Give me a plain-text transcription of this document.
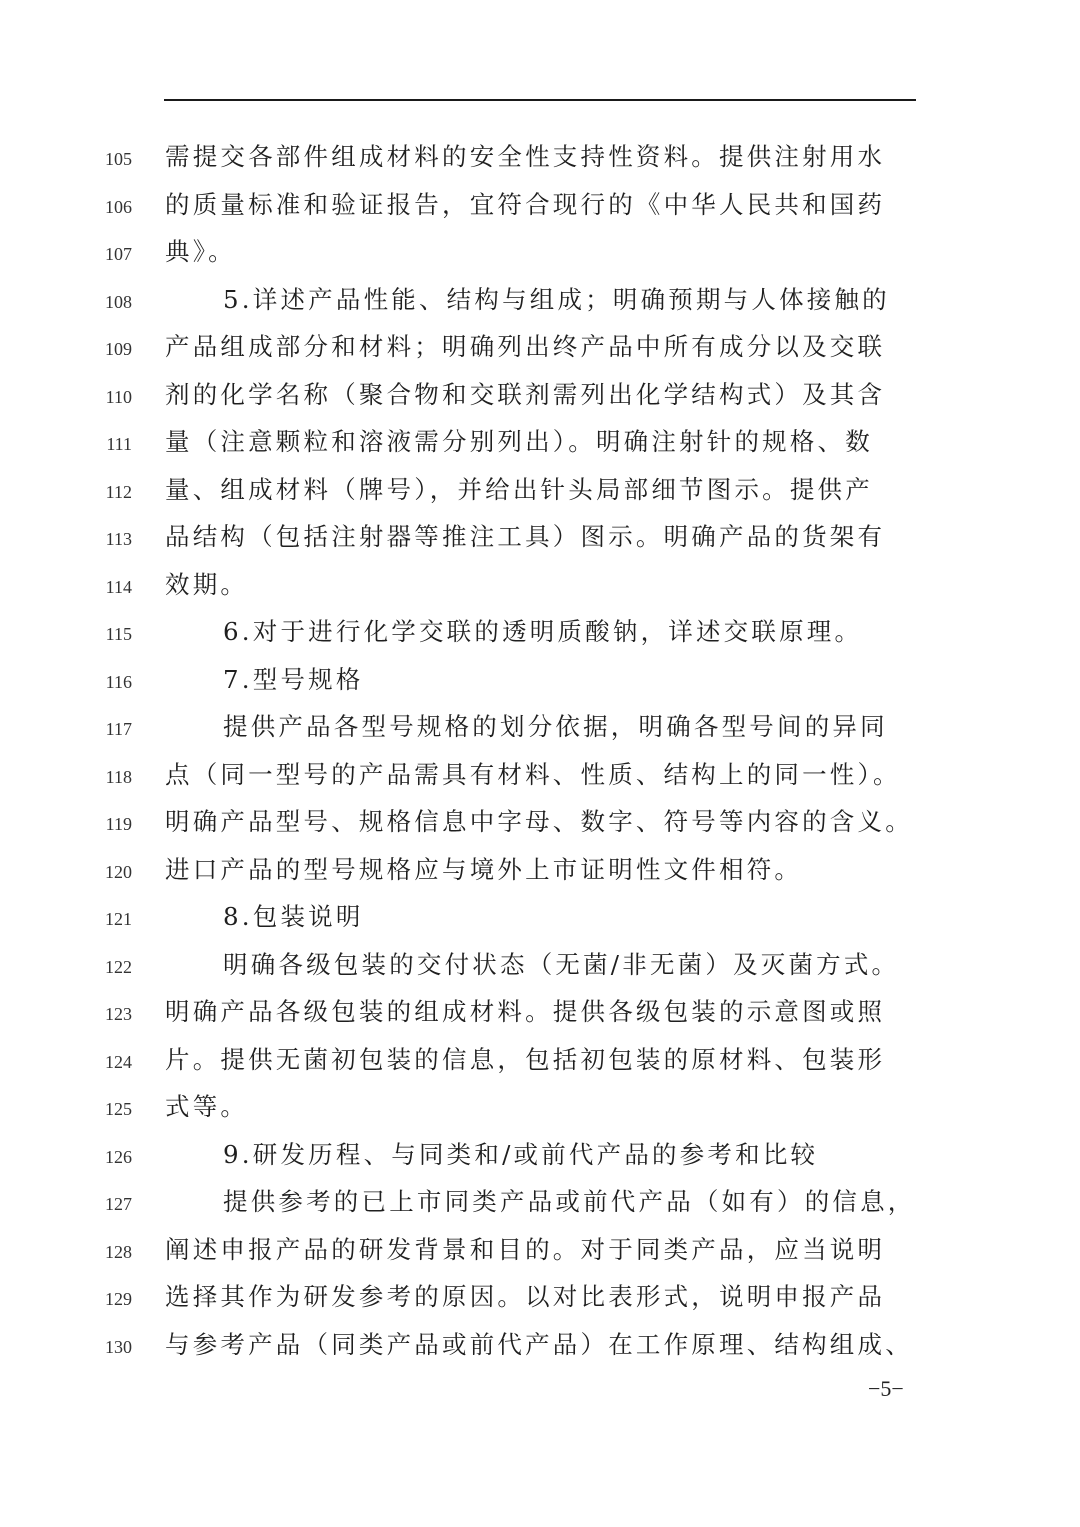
105 需提交各部件组成材料的安全性支持性资料。提供注射用水
106 的质量标准和验证报告，宜符合现行的《中华人民共和国药
107 典》。
108	5.详述产品性能、结构与组成；明确预期与人体接触的
109 产品组成部分和材料；明确列出终产品中所有成分以及交联
110 剂的化学名称（聚合物和交联剂需列出化学结构式）及其含
111 量（注意颗粒和溶液需分别列出）。明确注射针的规格、数
112 量、组成材料（牌号），并给出针头局部细节图示。提供产
113 品结构（包括注射器等推注工具）图示。明确产品的货架有
114 效期。
115	6.对于进行化学交联的透明质酸钠，详述交联原理。
116	7.型号规格
117	提供产品各型号规格的划分依据，明确各型号间的异同
118 点（同一型号的产品需具有材料、性质、结构上的同一性）。
119 明确产品型号、规格信息中字母、数字、符号等内容的含义。
120 进口产品的型号规格应与境外上市证明性文件相符。
121	8.包装说明
122	明确各级包装的交付状态（无菌/非无菌）及灭菌方式。
123 明确产品各级包装的组成材料。提供各级包装的示意图或照
124 片。提供无菌初包装的信息，包括初包装的原材料、包装形
125 式等。
126	9.研发历程、与同类和/或前代产品的参考和比较
127	提供参考的已上市同类产品或前代产品（如有）的信息，
128 阐述申报产品的研发背景和目的。对于同类产品，应当说明
129 选择其作为研发参考的原因。以对比表形式，说明申报产品
130 与参考产品（同类产品或前代产品）在工作原理、结构组成、
−5−
